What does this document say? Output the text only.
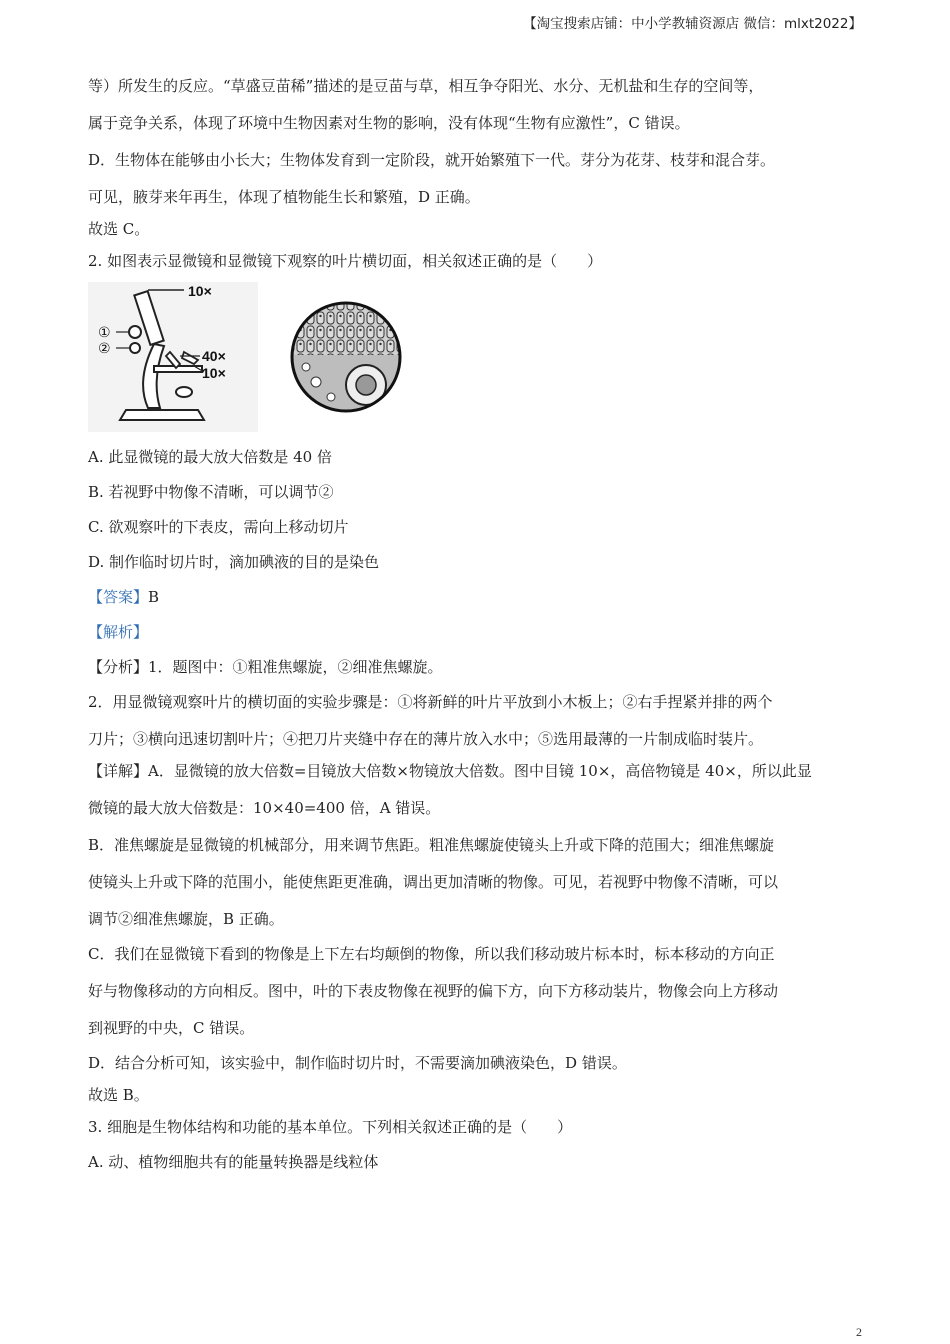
【淘宝搜索店铺：中小学教辅资源店 微信：mlxt2022】

等）所发生的反应。“草盛豆苗稀”描述的是豆苗与草，相互争夺阳光、水分、无机盐和生存的空间等，

属于竞争关系，体现了环境中生物因素对生物的影响，没有体现“生物有应激性”，C 错误。

D．生物体在能够由小长大；生物体发育到一定阶段，就开始繁殖下一代。芽分为花芽、枝芽和混合芽。

可见，腋芽来年再生，体现了植物能生长和繁殖，D 正确。

故选 C。

2. 如图表示显微镜和显微镜下观察的叶片横切面，相关叙述正确的是（　　）

10×
①
②	40×
10×

A. 此显微镜的最大放大倍数是 40 倍

B. 若视野中物像不清晰，可以调节②

C. 欲观察叶的下表皮，需向上移动切片

D. 制作临时切片时，滴加碘液的目的是染色

【答案】B

【解析】

【分析】1．题图中：①粗准焦螺旋，②细准焦螺旋。

2．用显微镜观察叶片的横切面的实验步骤是：①将新鲜的叶片平放到小木板上；②右手捏紧并排的两个

刀片；③横向迅速切割叶片；④把刀片夹缝中存在的薄片放入水中；⑤选用最薄的一片制成临时装片。

【详解】A．显微镜的放大倍数=目镜放大倍数×物镜放大倍数。图中目镜 10×，高倍物镜是 40×，所以此显

微镜的最大放大倍数是：10×40=400 倍，A 错误。

B．准焦螺旋是显微镜的机械部分，用来调节焦距。粗准焦螺旋使镜头上升或下降的范围大；细准焦螺旋

使镜头上升或下降的范围小，能使焦距更准确，调出更加清晰的物像。可见，若视野中物像不清晰，可以

调节②细准焦螺旋，B 正确。

C．我们在显微镜下看到的物像是上下左右均颠倒的物像，所以我们移动玻片标本时，标本移动的方向正

好与物像移动的方向相反。图中，叶的下表皮物像在视野的偏下方，向下方移动装片，物像会向上方移动

到视野的中央，C 错误。

D．结合分析可知，该实验中，制作临时切片时，不需要滴加碘液染色，D 错误。

故选 B。

3. 细胞是生物体结构和功能的基本单位。下列相关叙述正确的是（　　）

A. 动、植物细胞共有的能量转换器是线粒体

2
